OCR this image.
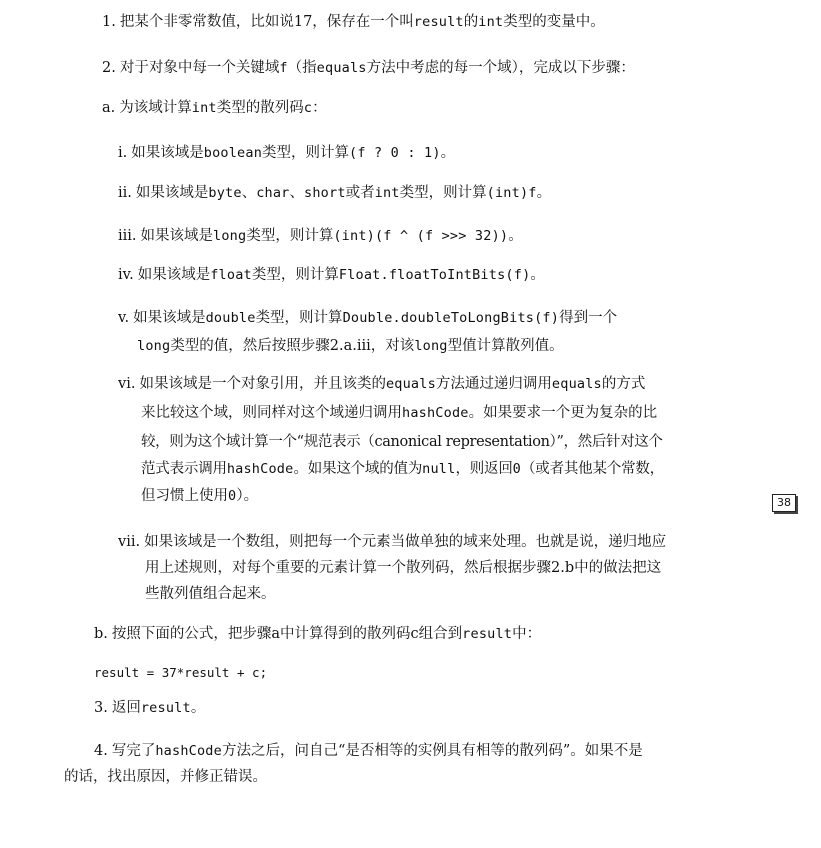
1. 把某个非零常数值，比如说17，保存在一个叫result的int类型的变量中。
2. 对于对象中每一个关键域f（指equals方法中考虑的每一个域），完成以下步骤：
a. 为该域计算int类型的散列码c：
i. 如果该域是boolean类型，则计算(f ? 0 : 1)。
ii. 如果该域是byte、char、short或者int类型，则计算(int)f。
iii. 如果该域是long类型，则计算(int)(f ^ (f >>> 32))。
iv. 如果该域是float类型，则计算Float.floatToIntBits(f)。
v. 如果该域是double类型，则计算Double.doubleToLongBits(f)得到一个
long类型的值，然后按照步骤2.a.iii，对该long型值计算散列值。
vi. 如果该域是一个对象引用，并且该类的equals方法通过递归调用equals的方式
来比较这个域，则同样对这个域递归调用hashCode。如果要求一个更为复杂的比
较，则为这个域计算一个“规范表示（canonical representation）”，然后针对这个
范式表示调用hashCode。如果这个域的值为null，则返回0（或者其他某个常数，
但习惯上使用0）。	38
vii. 如果该域是一个数组，则把每一个元素当做单独的域来处理。也就是说，递归地应
用上述规则，对每个重要的元素计算一个散列码，然后根据步骤2.b中的做法把这
些散列值组合起来。
b. 按照下面的公式，把步骤a中计算得到的散列码c组合到result中：
result = 37*result + c;
3. 返回result。
4. 写完了hashCode方法之后，问自己“是否相等的实例具有相等的散列码”。如果不是
的话，找出原因，并修正错误。
